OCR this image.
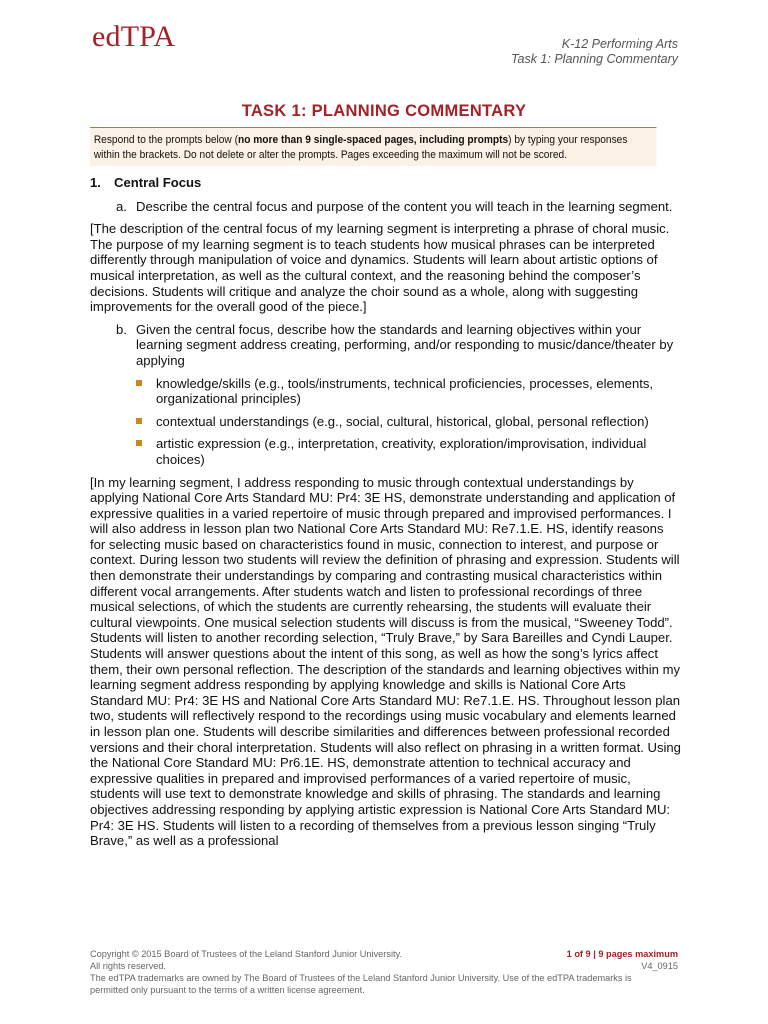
edTPA	K-12 Performing Arts
Task 1: Planning Commentary
TASK 1: PLANNING COMMENTARY
Respond to the prompts below (no more than 9 single-spaced pages, including prompts) by typing your responses within the brackets. Do not delete or alter the prompts. Pages exceeding the maximum will not be scored.
1. Central Focus
a. Describe the central focus and purpose of the content you will teach in the learning segment.
[The description of the central focus of my learning segment is interpreting a phrase of choral music. The purpose of my learning segment is to teach students how musical phrases can be interpreted differently through manipulation of voice and dynamics. Students will learn about artistic options of musical interpretation, as well as the cultural context, and the reasoning behind the composer’s decisions. Students will critique and analyze the choir sound as a whole, along with suggesting improvements for the overall good of the piece.]
b. Given the central focus, describe how the standards and learning objectives within your learning segment address creating, performing, and/or responding to music/dance/theater by applying
knowledge/skills (e.g., tools/instruments, technical proficiencies, processes, elements, organizational principles)
contextual understandings (e.g., social, cultural, historical, global, personal reflection)
artistic expression (e.g., interpretation, creativity, exploration/improvisation, individual choices)
[In my learning segment, I address responding to music through contextual understandings by applying National Core Arts Standard MU: Pr4: 3E HS, demonstrate understanding and application of expressive qualities in a varied repertoire of music through prepared and improvised performances. I will also address in lesson plan two National Core Arts Standard MU: Re7.1.E. HS, identify reasons for selecting music based on characteristics found in music, connection to interest, and purpose or context. During lesson two students will review the definition of phrasing and expression. Students will then demonstrate their understandings by comparing and contrasting musical characteristics within different vocal arrangements. After students watch and listen to professional recordings of three musical selections, of which the students are currently rehearsing, the students will evaluate their cultural viewpoints. One musical selection students will discuss is from the musical, “Sweeney Todd”. Students will listen to another recording selection, “Truly Brave,” by Sara Bareilles and Cyndi Lauper. Students will answer questions about the intent of this song, as well as how the song’s lyrics affect them, their own personal reflection. The description of the standards and learning objectives within my learning segment address responding by applying knowledge and skills is National Core Arts Standard MU: Pr4: 3E HS and National Core Arts Standard MU: Re7.1.E. HS. Throughout lesson plan two, students will reflectively respond to the recordings using music vocabulary and elements learned in lesson plan one. Students will describe similarities and differences between professional recorded versions and their choral interpretation. Students will also reflect on phrasing in a written format. Using the National Core Standard MU: Pr6.1E. HS, demonstrate attention to technical accuracy and expressive qualities in prepared and improvised performances of a varied repertoire of music, students will use text to demonstrate knowledge and skills of phrasing. The standards and learning objectives addressing responding by applying artistic expression is National Core Arts Standard MU: Pr4: 3E HS. Students will listen to a recording of themselves from a previous lesson singing “Truly Brave,” as well as a professional
Copyright © 2015 Board of Trustees of the Leland Stanford Junior University.
All rights reserved.
The edTPA trademarks are owned by The Board of Trustees of the Leland Stanford Junior University. Use of the edTPA trademarks is permitted only pursuant to the terms of a written license agreement.
1 of 9 | 9 pages maximum
V4_0915
